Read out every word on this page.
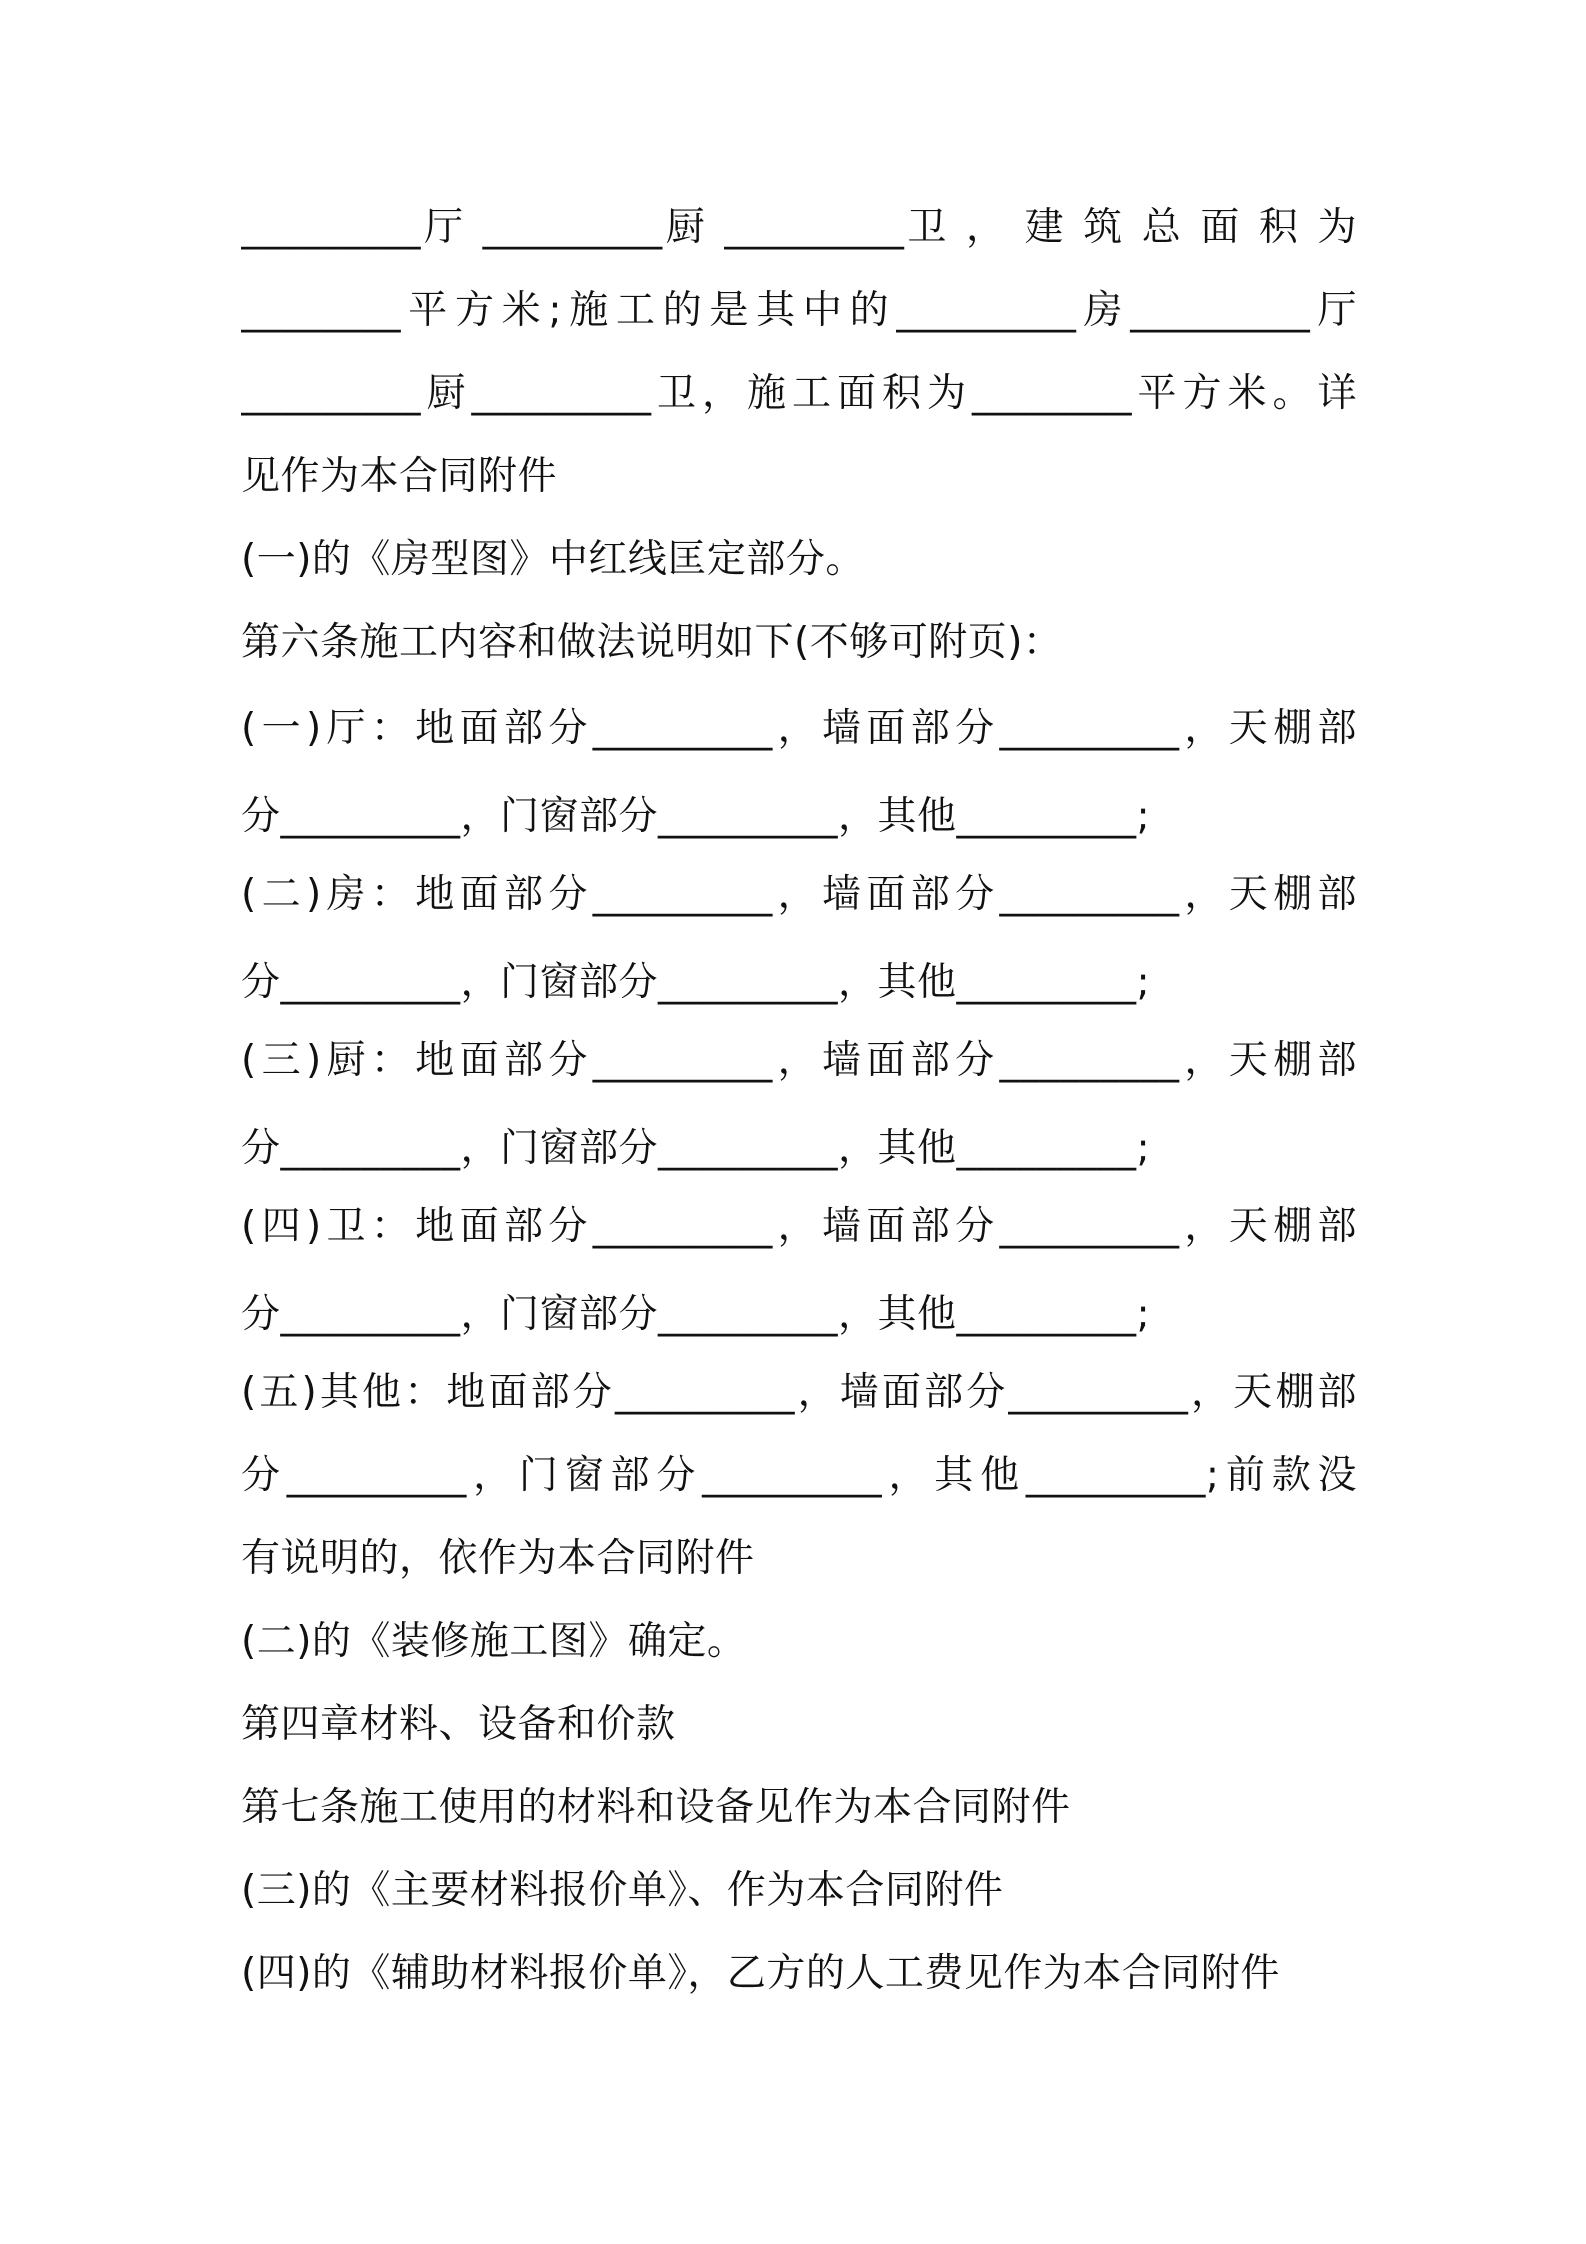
_________厅 _________厨 _________卫 ， 建 筑 总 面 积 为
________平方米;施工的是其中的_________房_________厅
_________厨_________卫，施工面积为________平方米。详
见作为本合同附件
(一)的《房型图》中红线匡定部分。
第六条施工内容和做法说明如下(不够可附页)：
(一)厅：地面部分_________，墙面部分_________，天棚部
分_________，门窗部分_________，其他_________;
(二)房：地面部分_________，墙面部分_________，天棚部
分_________，门窗部分_________，其他_________;
(三)厨：地面部分_________，墙面部分_________，天棚部
分_________，门窗部分_________，其他_________;
(四)卫：地面部分_________，墙面部分_________，天棚部
分_________，门窗部分_________，其他_________;
(五)其他：地面部分_________，墙面部分_________，天棚部
分_________，门窗部分_________，其他_________;前款没
有说明的，依作为本合同附件
(二)的《装修施工图》确定。
第四章材料、设备和价款
第七条施工使用的材料和设备见作为本合同附件
(三)的《主要材料报价单》、作为本合同附件
(四)的《辅助材料报价单》，乙方的人工费见作为本合同附件
